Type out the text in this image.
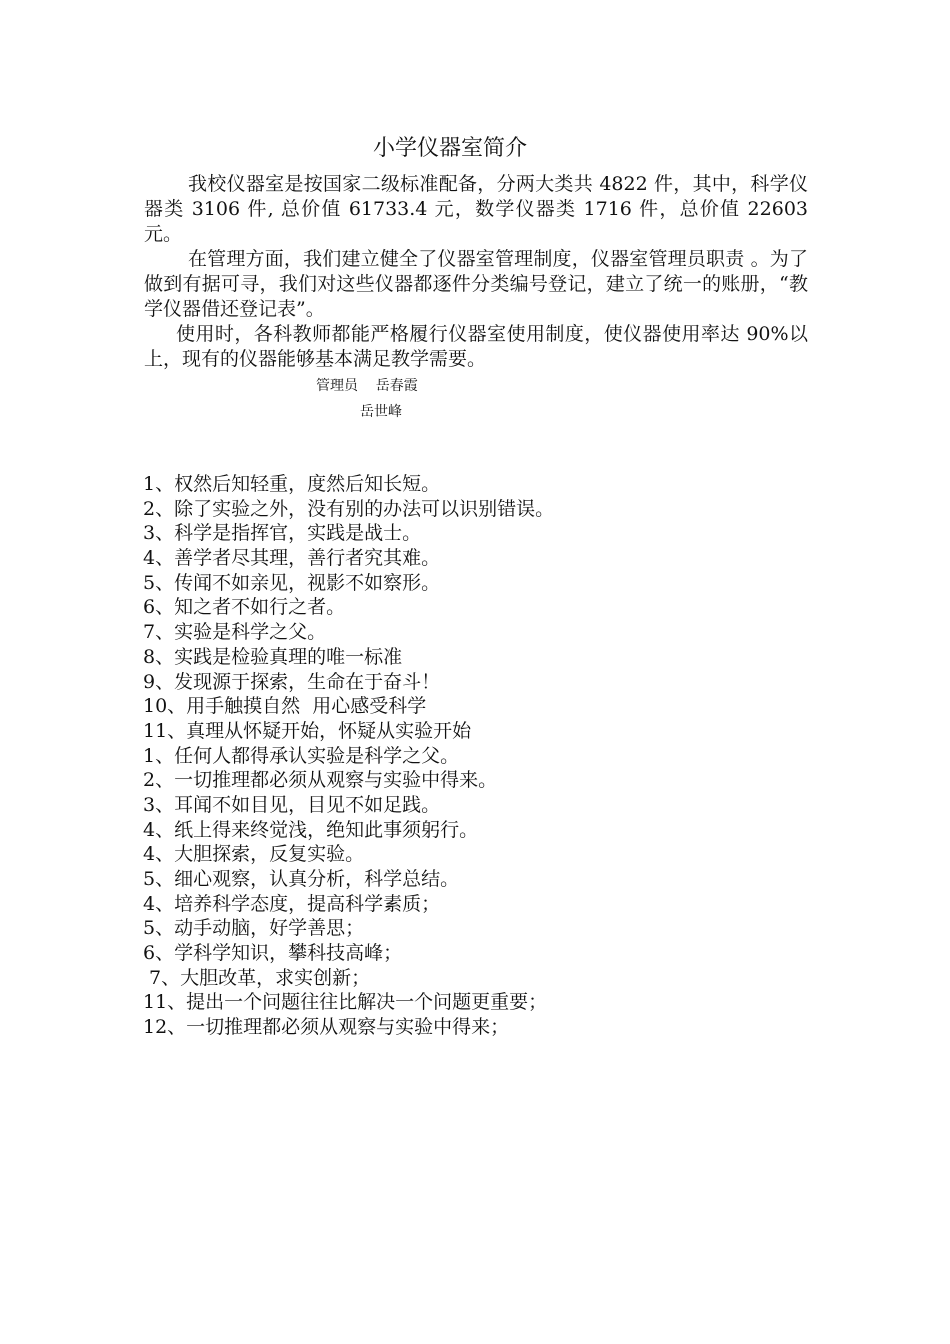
小学仪器室简介

我校仪器室是按国家二级标准配备，分两大类共 4822 件，其中，科学仪器类 3106 件, 总价值 61733.4 元，数学仪器类 1716 件，总价值 22603 元。

在管理方面，我们建立健全了仪器室管理制度，仪器室管理员职责 。为了做到有据可寻，我们对这些仪器都逐件分类编号登记，建立了统一的账册，“教学仪器借还登记表”。

使用时，各科教师都能严格履行仪器室使用制度，使仪器使用率达 90%以上，现有的仪器能够基本满足教学需要。

管理员    岳春霞
岳世峰
1、权然后知轻重，度然后知长短。
2、除了实验之外，没有别的办法可以识别错误。
3、科学是指挥官，实践是战士。
4、善学者尽其理，善行者究其难。
5、传闻不如亲见，视影不如察形。
6、知之者不如行之者。
7、实验是科学之父。
8、实践是检验真理的唯一标准
9、发现源于探索，生命在于奋斗！
10、用手触摸自然  用心感受科学
11、真理从怀疑开始，怀疑从实验开始
1、任何人都得承认实验是科学之父。
2、一切推理都必须从观察与实验中得来。
3、耳闻不如目见，目见不如足践。
4、纸上得来终觉浅，绝知此事须躬行。
4、大胆探索，反复实验。
5、细心观察，认真分析，科学总结。
4、培养科学态度，提高科学素质；
5、动手动脑，好学善思；
6、学科学知识，攀科技高峰；
7、大胆改革，求实创新；
11、提出一个问题往往比解决一个问题更重要；
12、一切推理都必须从观察与实验中得来；
